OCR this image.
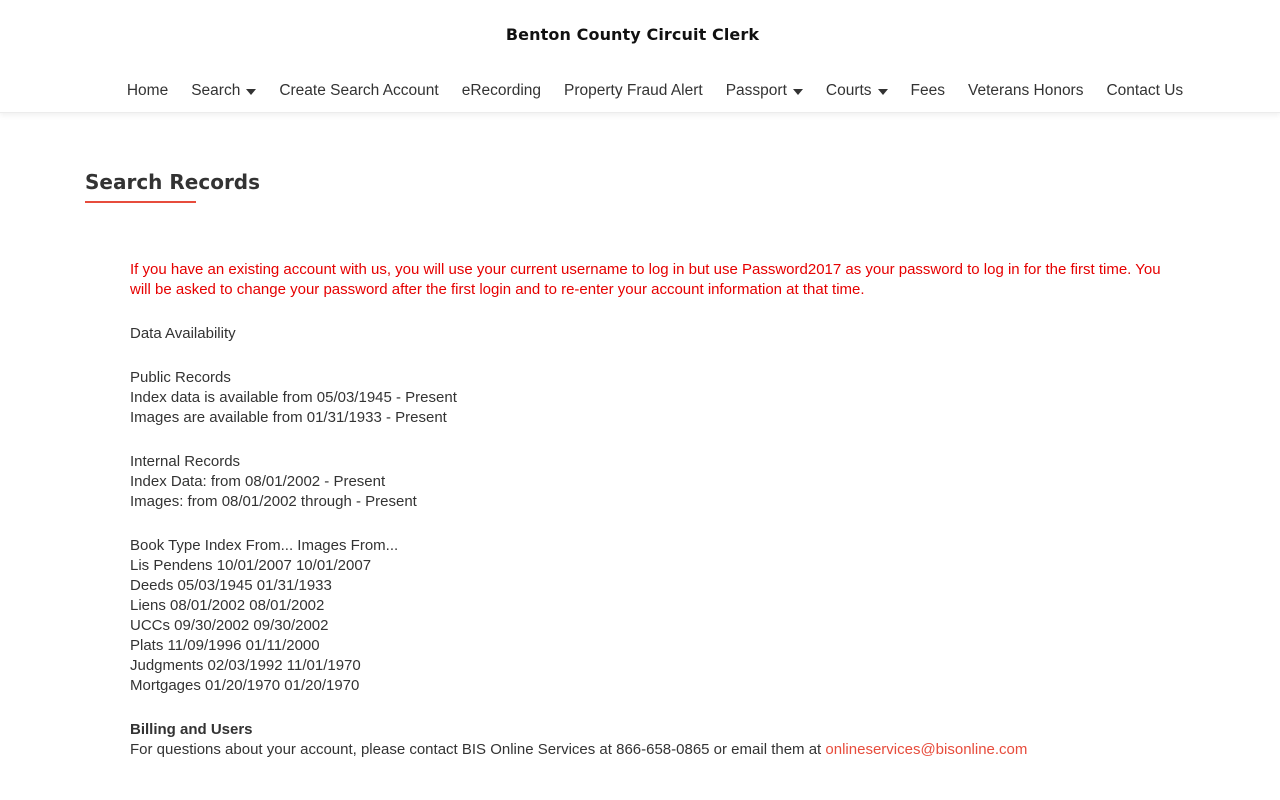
Benton County Circuit Clerk
Home Search	Create Search Account eRecording Property Fraud Alert Passport	Courts	Fees Veterans Honors Contact Us
Search Records

If you have an existing account with us, you will use your current username to log in but use Password2017 as your password to log in for the first time. You will be asked to change your password after the first login and to re-enter your account information at that time.

Data Availability
Public Records
Index data is available from 05/03/1945 - Present
Images are available from 01/31/1933 - Present
Internal Records
Index Data: from 08/01/2002 - Present
Images: from 08/01/2002 through - Present
Book Type Index From... Images From...
Lis Pendens 10/01/2007 10/01/2007
Deeds 05/03/1945 01/31/1933
Liens 08/01/2002 08/01/2002
UCCs 09/30/2002 09/30/2002
Plats 11/09/1996 01/11/2000
Judgments 02/03/1992 11/01/1970
Mortgages 01/20/1970 01/20/1970
Billing and Users
For questions about your account, please contact BIS Online Services at 866-658-0865 or email them at onlineservices@bisonline.com
